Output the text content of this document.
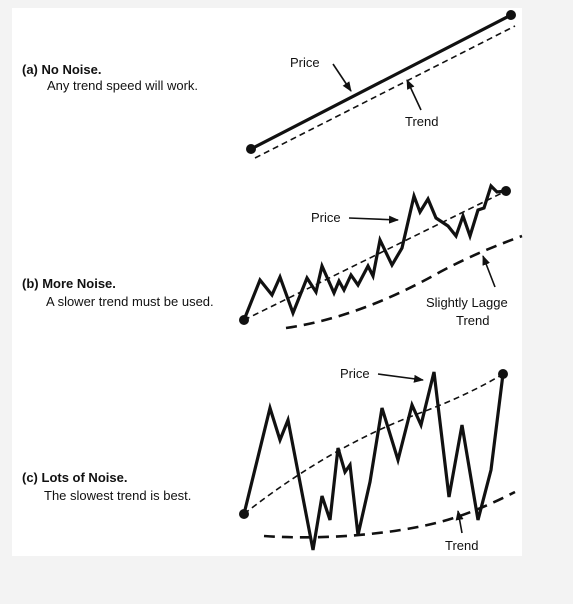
(a) No Noise.
Any trend speed will work.
Price
Trend
(b) More Noise.
A slower trend must be used.
Price
Slightly Lagge
Trend
(c) Lots of Noise.
The slowest trend is best.
Price
Trend
